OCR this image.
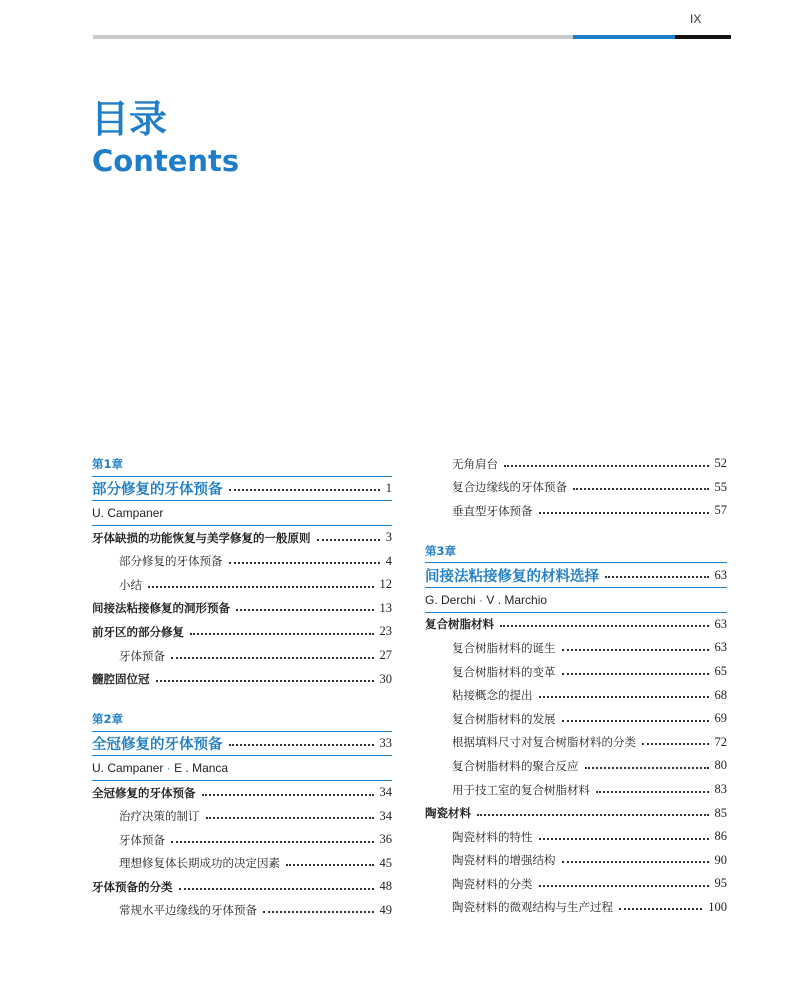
IX
目录
Contents
第1章
部分修复的牙体预备	1
U. Campaner
牙体缺损的功能恢复与美学修复的一般原则	3
部分修复的牙体预备	4
小结	12
间接法粘接修复的洞形预备	13
前牙区的部分修复	23
牙体预备	27
髓腔固位冠	30
第2章
全冠修复的牙体预备	33
U. Campaner · E . Manca
全冠修复的牙体预备	34
治疗决策的制订	34
牙体预备	36
理想修复体长期成功的决定因素	45
牙体预备的分类	48
常规水平边缘线的牙体预备	49
无角肩台	52
复合边缘线的牙体预备	55
垂直型牙体预备	57
第3章
间接法粘接修复的材料选择	63
G. Derchi · V . Marchio
复合树脂材料	63
复合树脂材料的诞生	63
复合树脂材料的变革	65
粘接概念的提出	68
复合树脂材料的发展	69
根据填料尺寸对复合树脂材料的分类	72
复合树脂材料的聚合反应	80
用于技工室的复合树脂材料	83
陶瓷材料	85
陶瓷材料的特性	86
陶瓷材料的增强结构	90
陶瓷材料的分类	95
陶瓷材料的微观结构与生产过程	100
